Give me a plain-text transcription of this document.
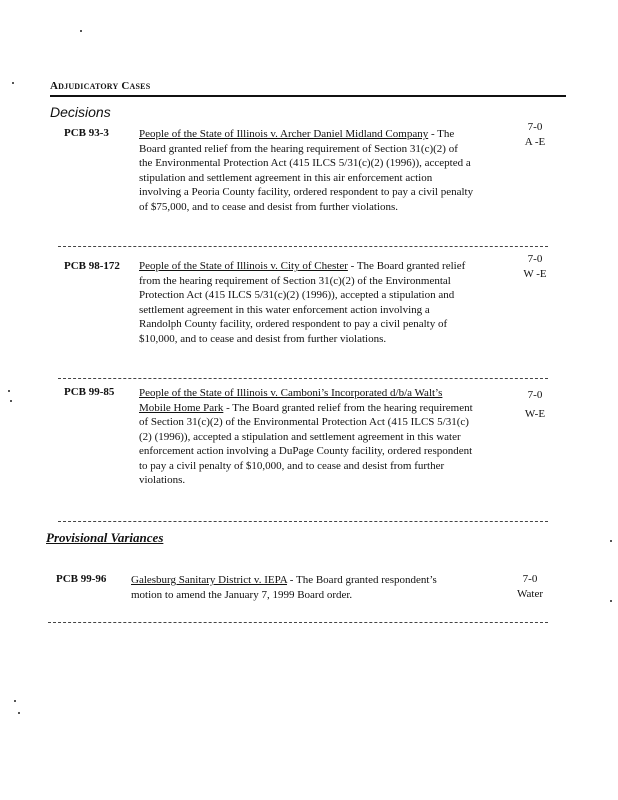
Adjudicatory Cases
Decisions
PCB 93-3	People of the State of Illinois v. Archer Daniel Midland Company - The Board granted relief from the hearing requirement of Section 31(c)(2) of the Environmental Protection Act (415 ILCS 5/31(c)(2) (1996)), accepted a stipulation and settlement agreement in this air enforcement action involving a Peoria County facility, ordered respondent to pay a civil penalty of $75,000, and to cease and desist from further violations.
7-0
A -E
PCB 98-172 People of the State of Illinois v. City of Chester - The Board granted relief from the hearing requirement of Section 31(c)(2) of the Environmental Protection Act (415 ILCS 5/31(c)(2) (1996)), accepted a stipulation and settlement agreement in this water enforcement action involving a Randolph County facility, ordered respondent to pay a civil penalty of $10,000, and to cease and desist from further violations.
7-0
W -E
PCB 99-85 People of the State of Illinois v. Camboni’s Incorporated d/b/a Walt’s Mobile Home Park - The Board granted relief from the hearing requirement of Section 31(c)(2) of the Environmental Protection Act (415 ILCS 5/31(c)(2) (1996)), accepted a stipulation and settlement agreement in this water enforcement action involving a DuPage County facility, ordered respondent to pay a civil penalty of $10,000, and to cease and desist from further violations.
7-0
W-E
Provisional Variances
PCB 99-96 Galesburg Sanitary District v. IEPA - The Board granted respondent’s motion to amend the January 7, 1999 Board order.
7-0
Water
